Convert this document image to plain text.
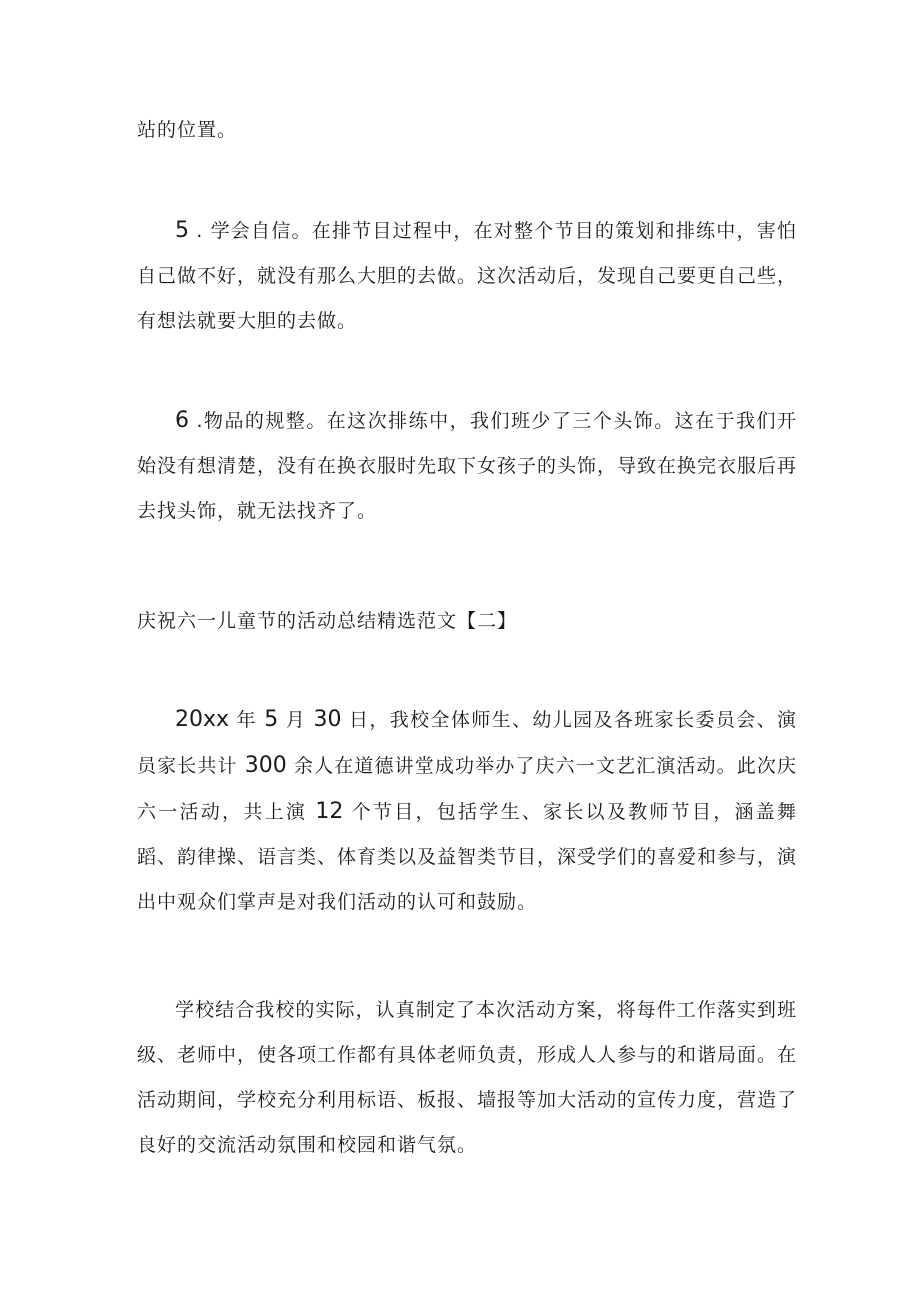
站的位置。

5 . 学会自信。在排节目过程中，在对整个节目的策划和排练中，害怕自己做不好，就没有那么大胆的去做。这次活动后，发现自己要更自己些，有想法就要大胆的去做。

6 .物品的规整。在这次排练中，我们班少了三个头饰。这在于我们开始没有想清楚，没有在换衣服时先取下女孩子的头饰，导致在换完衣服后再去找头饰，就无法找齐了。

庆祝六一儿童节的活动总结精选范文【二】

20xx 年 5 月 30 日，我校全体师生、幼儿园及各班家长委员会、演员家长共计 300 余人在道德讲堂成功举办了庆六一文艺汇演活动。此次庆六一活动，共上演 12 个节目，包括学生、家长以及教师节目，涵盖舞蹈、韵律操、语言类、体育类以及益智类节目，深受学们的喜爱和参与，演出中观众们掌声是对我们活动的认可和鼓励。

学校结合我校的实际，认真制定了本次活动方案，将每件工作落实到班级、老师中，使各项工作都有具体老师负责，形成人人参与的和谐局面。在活动期间，学校充分利用标语、板报、墙报等加大活动的宣传力度，营造了良好的交流活动氛围和校园和谐气氛。
